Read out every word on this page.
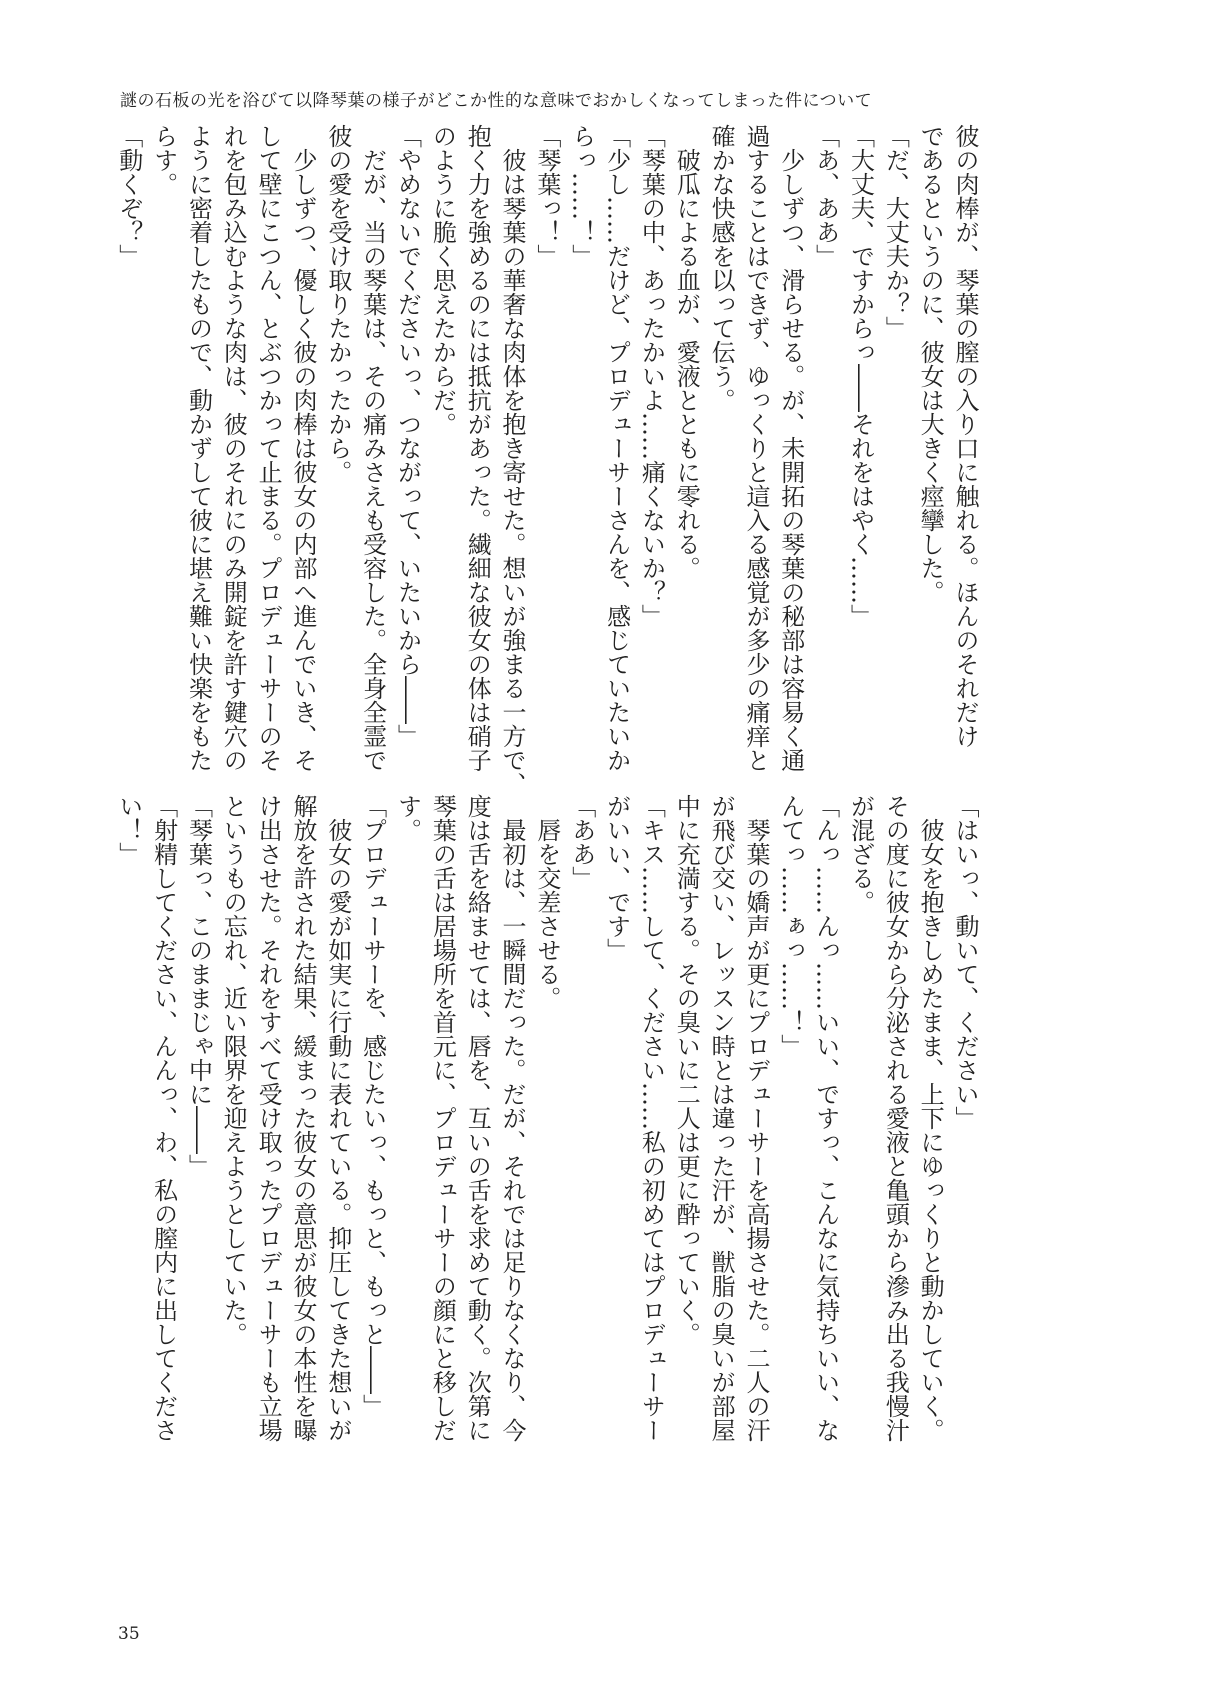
謎の石板の光を浴びて以降琴葉の様子がどこか性的な意味でおかしくなってしまった件について
彼の肉棒が、琴葉の膣の入り口に触れる。ほんのそれだけ
であるというのに、彼女は大きく痙攣した。
「だ、大丈夫か？」
「大丈夫、ですからっ――それをはやく……」
「あ、ああ」
　少しずつ、滑らせる。が、未開拓の琴葉の秘部は容易く通
過することはできず、ゆっくりと這入る感覚が多少の痛痒と
確かな快感を以って伝う。
　破瓜による血が、愛液とともに零れる。
「琴葉の中、あったかいよ……痛くないか？」
「少し……だけど、プロデューサーさんを、感じていたいか
らっ……！」
「琴葉っ！」
　彼は琴葉の華奢な肉体を抱き寄せた。想いが強まる一方で、
抱く力を強めるのには抵抗があった。繊細な彼女の体は硝子
のように脆く思えたからだ。
「やめないでくださいっ、つながって、いたいから――」
　だが、当の琴葉は、その痛みさえも受容した。全身全霊で
彼の愛を受け取りたかったから。
　少しずつ、優しく彼の肉棒は彼女の内部へ進んでいき、そ
して壁にこつん、とぶつかって止まる。プロデューサーのそ
れを包み込むような肉は、彼のそれにのみ開錠を許す鍵穴の
ように密着したもので、動かずして彼に堪え難い快楽をもた
らす。
「動くぞ？」
「はいっ、動いて、ください」
　彼女を抱きしめたまま、上下にゆっくりと動かしていく。
その度に彼女から分泌される愛液と亀頭から滲み出る我慢汁
が混ざる。
「んっ……んっ……いい、ですっ、こんなに気持ちいい、な
んてっ……ぁっ……！」
　琴葉の嬌声が更にプロデューサーを高揚させた。二人の汗
が飛び交い、レッスン時とは違った汗が、獣脂の臭いが部屋
中に充満する。その臭いに二人は更に酔っていく。
「キス……して、ください……私の初めてはプロデューサー
がいい、です」
「ああ」
　唇を交差させる。
　最初は、一瞬間だった。だが、それでは足りなくなり、今
度は舌を絡ませては、唇を、互いの舌を求めて動く。次第に
琴葉の舌は居場所を首元に、プロデューサーの顔にと移しだ
す。
「プロデューサーを、感じたいっ、もっと、もっと――」
　彼女の愛が如実に行動に表れている。抑圧してきた想いが
解放を許された結果、緩まった彼女の意思が彼女の本性を曝
け出させた。それをすべて受け取ったプロデューサーも立場
というもの忘れ、近い限界を迎えようとしていた。
「琴葉っ、このままじゃ中に――」
「射精してください、んんっ、わ、私の膣内に出してくださ
い！」
35
